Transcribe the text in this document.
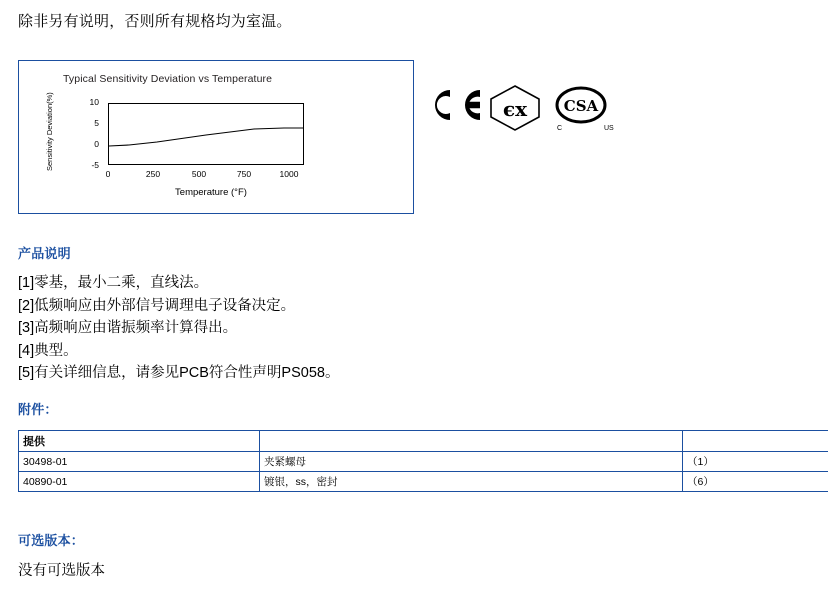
除非另有说明，否则所有规格均为室温。
Typical Sensitivity Deviation vs Temperature
Sensitivity Deviation(%)	10
5
0
-5
0	250	500	750	1000
Temperature (°F)
єx CSA
C	US
产品说明
[1]零基，最小二乘，直线法。
[2]低频响应由外部信号调理电子设备决定。
[3]高频响应由谐振频率计算得出。
[4]典型。
[5]有关详细信息，请参见PCB符合性声明PS058。
附件：
提供		
30498-01	夹紧螺母	（1）
40890-01	镀银，ss，密封	（6）
可选版本：
没有可选版本
